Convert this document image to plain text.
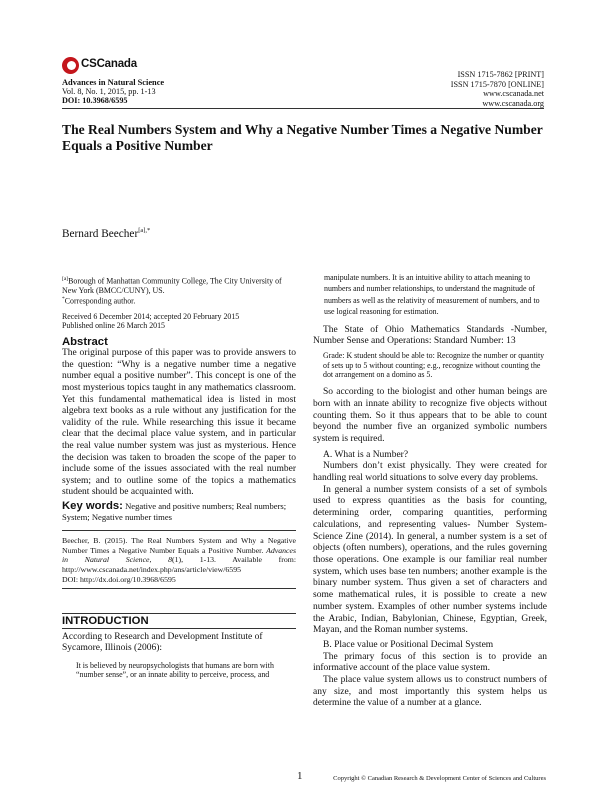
CSCanada
Advances in Natural Science
Vol. 8, No. 1, 2015, pp. 1-13
DOI: 10.3968/6595
ISSN 1715-7862 [PRINT]
ISSN 1715-7870 [ONLINE]
www.cscanada.net
www.cscanada.org
The Real Numbers System and Why a Negative Number Times a Negative Number Equals a Positive Number
Bernard Beecher$^{[a],*}$

[a]Borough of Manhattan Community College, The City University of New York (BMCC/CUNY), US.
*Corresponding author.

Received 6 December 2014; accepted 20 February 2015
Published online 26 March 2015

Abstract

The original purpose of this paper was to provide answers to the question: “Why is a negative number time a negative number equal a positive number”. This concept is one of the most mysterious topics taught in any mathematics classroom. Yet this fundamental mathematical idea is listed in most algebra text books as a rule without any justification for the validity of the rule. While researching this issue it became clear that the decimal place value system, and in particular the real value number system was just as mysterious. Hence the decision was taken to broaden the scope of the paper to include some of the issues associated with the real number system; and to outline some of the topics a mathematics student should be acquainted with.

Key words: Negative and positive numbers; Real numbers; System; Negative number times

Beecher, B. (2015). The Real Numbers System and Why a Negative Number Times a Negative Number Equals a Positive Number. Advances in Natural Science, 8(1), 1-13. Available from: http://www.cscanada.net/index.php/ans/article/view/6595
DOI: http://dx.doi.org/10.3968/6595
INTRODUCTION

According to Research and Development Institute of Sycamore, Illinois (2006):

It is believed by neuropsychologists that humans are born with “number sense”, or an innate ability to perceive, process, and

manipulate numbers. It is an intuitive ability to attach meaning to numbers and number relationships, to understand the magnitude of numbers as well as the relativity of measurement of numbers, and to use logical reasoning for estimation.

The State of Ohio Mathematics Standards -Number, Number Sense and Operations: Standard Number: 13

Grade: K student should be able to: Recognize the number or quantity of sets up to 5 without counting; e.g., recognize without counting the dot arrangement on a domino as 5.

So according to the biologist and other human beings are born with an innate ability to recognize five objects without counting them. So it thus appears that to be able to count beyond the number five an organized symbolic numbers system is required.

A. What is a Number?

Numbers don’t exist physically. They were created for handling real world situations to solve every day problems.

In general a number system consists of a set of symbols used to express quantities as the basis for counting, determining order, comparing quantities, performing calculations, and representing values- Number System-Science Zine (2014). In general, a number system is a set of objects (often numbers), operations, and the rules governing those operations. One example is our familiar real number system, which uses base ten numbers; another example is the binary number system. Thus given a set of characters and some mathematical rules, it is possible to create a new number system. Examples of other number systems include the Arabic, Indian, Babylonian, Chinese, Egyptian, Greek, Mayan, and the Roman number systems.

B. Place value or Positional Decimal System

The primary focus of this section is to provide an informative account of the place value system.

The place value system allows us to construct numbers of any size, and most importantly this system helps us determine the value of a number at a glance.

1	Copyright © Canadian Research & Development Center of Sciences and Cultures
